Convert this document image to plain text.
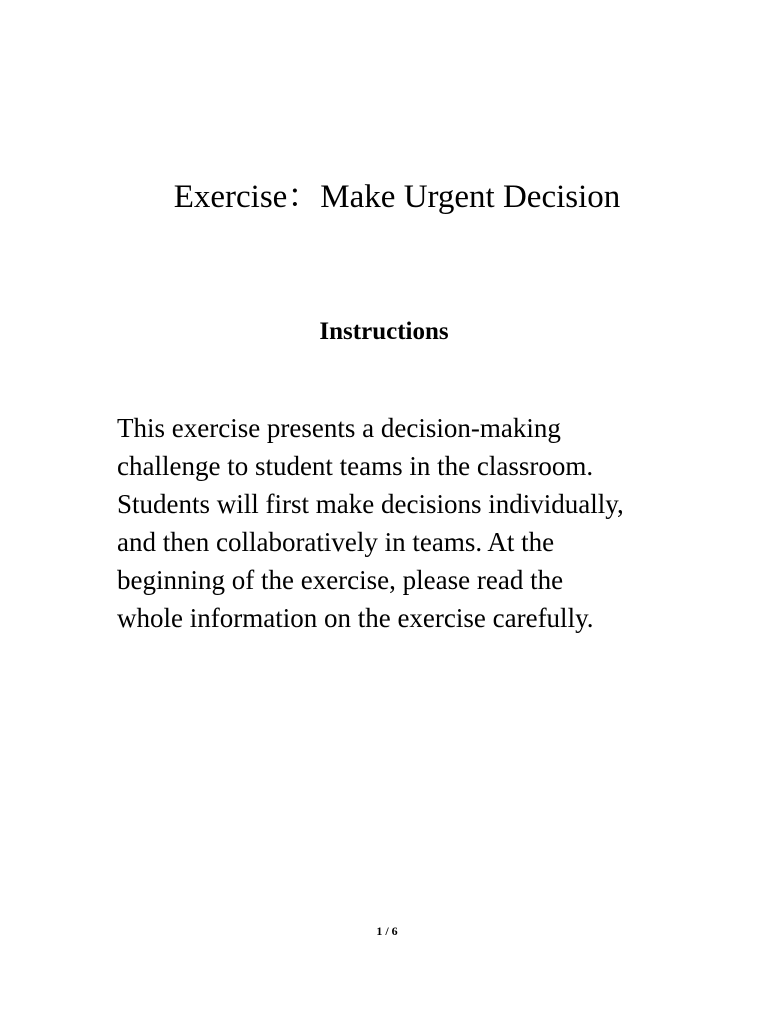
Exercise：Make Urgent Decision
Instructions

This exercise presents a decision-making
challenge to student teams in the classroom.
Students will first make decisions individually,
and then collaboratively in teams. At the
beginning of the exercise, please read the
whole information on the exercise carefully.

1 / 6
